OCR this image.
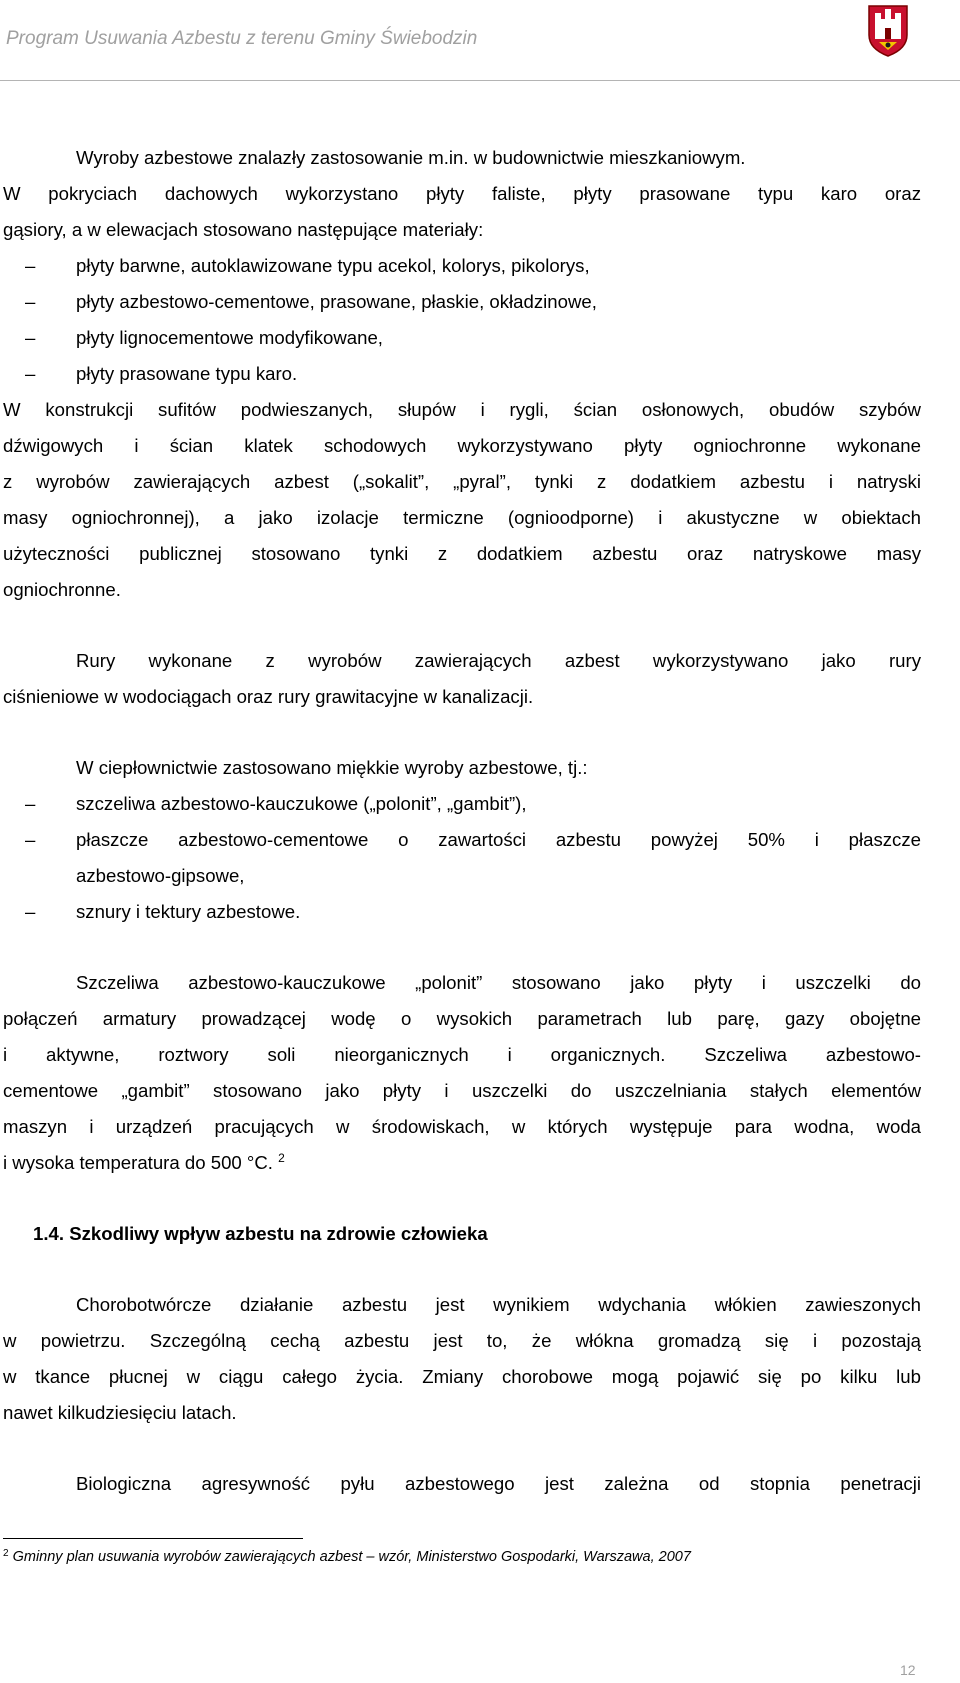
Program Usuwania Azbestu z terenu Gminy Świebodzin
Wyroby azbestowe znalazły zastosowanie m.in. w budownictwie mieszkaniowym.
W pokryciach dachowych wykorzystano płyty faliste, płyty prasowane typu karo oraz
gąsiory, a w elewacjach stosowano następujące materiały:
– płyty barwne, autoklawizowane typu acekol, kolorys, pikolorys,
– płyty azbestowo-cementowe, prasowane, płaskie, okładzinowe,
– płyty lignocementowe modyfikowane,
– płyty prasowane typu karo.
W konstrukcji sufitów podwieszanych, słupów i rygli, ścian osłonowych, obudów szybów
dźwigowych i ścian klatek schodowych wykorzystywano płyty ogniochronne wykonane
z wyrobów zawierających azbest („sokalit”, „pyral”, tynki z dodatkiem azbestu i natryski
masy ogniochronnej), a jako izolacje termiczne (ognioodporne) i akustyczne w obiektach
użyteczności publicznej stosowano tynki z dodatkiem azbestu oraz natryskowe masy
ogniochronne.
Rury wykonane z wyrobów zawierających azbest wykorzystywano jako rury
ciśnieniowe w wodociągach oraz rury grawitacyjne w kanalizacji.
W ciepłownictwie zastosowano miękkie wyroby azbestowe, tj.:
– szczeliwa azbestowo-kauczukowe („polonit”, „gambit”),
– płaszcze azbestowo-cementowe o zawartości azbestu powyżej 50% i płaszcze
azbestowo-gipsowe,
– sznury i tektury azbestowe.
Szczeliwa azbestowo-kauczukowe „polonit” stosowano jako płyty i uszczelki do
połączeń armatury prowadzącej wodę o wysokich parametrach lub parę, gazy obojętne
i aktywne, roztwory soli nieorganicznych i organicznych. Szczeliwa azbestowo-
cementowe „gambit” stosowano jako płyty i uszczelki do uszczelniania stałych elementów
maszyn i urządzeń pracujących w środowiskach, w których występuje para wodna, woda
i wysoka temperatura do 500 °C. $^2$
1.4. Szkodliwy wpływ azbestu na zdrowie człowieka
Chorobotwórcze działanie azbestu jest wynikiem wdychania włókien zawieszonych
w powietrzu. Szczególną cechą azbestu jest to, że włókna gromadzą się i pozostają
w tkance płucnej w ciągu całego życia. Zmiany chorobowe mogą pojawić się po kilku lub
nawet kilkudziesięciu latach.
Biologiczna agresywność pyłu azbestowego jest zależna od stopnia penetracji
$^2$ Gminny plan usuwania wyrobów zawierających azbest – wzór, Ministerstwo Gospodarki, Warszawa, 2007
12
